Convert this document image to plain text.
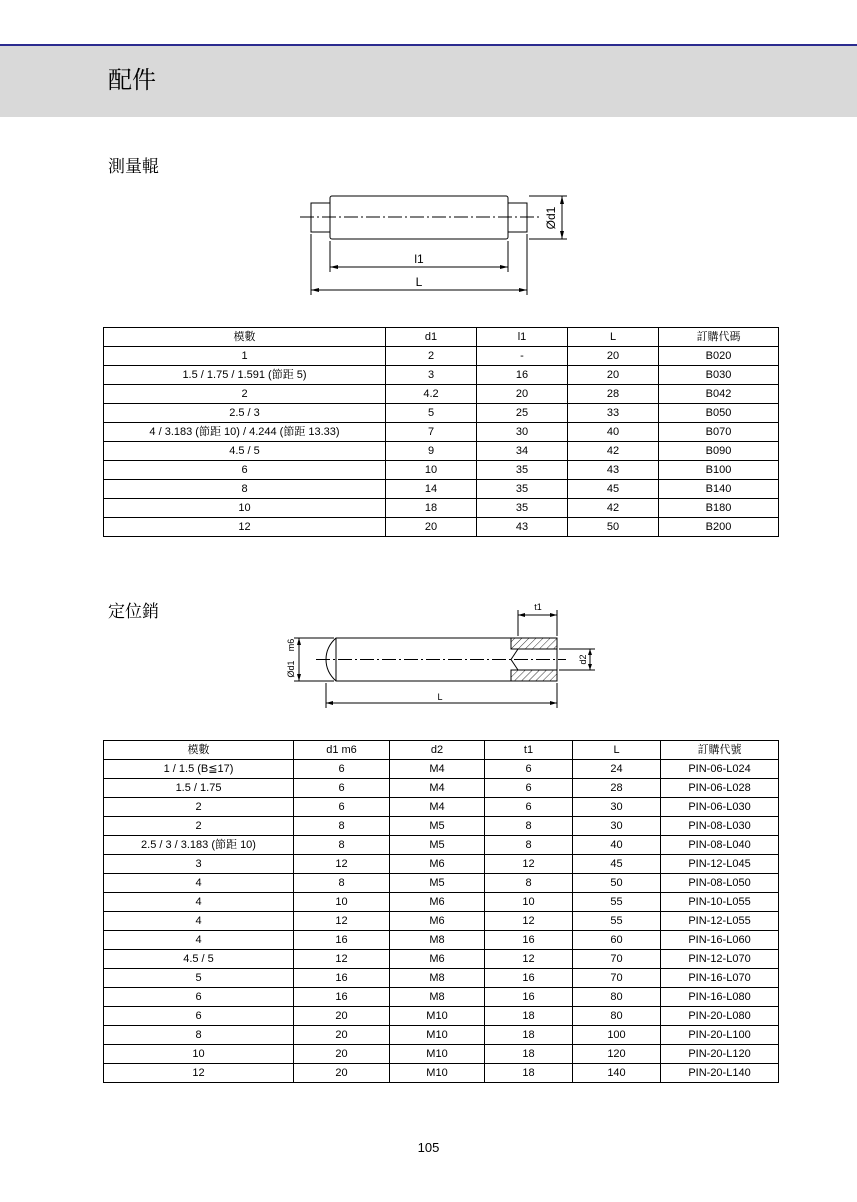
配件
測量輥
l1
L
Ød1
模數	d1	l1	L	訂購代碼
1	2	-	20	B020
1.5 / 1.75 / 1.591 (節距 5)	3	16	20	B030
2	4.2	20	28	B042
2.5 / 3	5	25	33	B050
4 / 3.183 (節距 10) / 4.244 (節距 13.33)	7	30	40	B070
4.5 / 5	9	34	42	B090
6	10	35	43	B100
8	14	35	45	B140
10	18	35	42	B180
12	20	43	50	B200
定位銷	t1
d2
Ød1
m6
L
模數	d1 m6	d2	t1	L	訂購代號
1 / 1.5 (B≦17)	6	M4	6	24	PIN-06-L024
1.5 / 1.75	6	M4	6	28	PIN-06-L028
2	6	M4	6	30	PIN-06-L030
2	8	M5	8	30	PIN-08-L030
2.5 / 3 / 3.183 (節距 10)	8	M5	8	40	PIN-08-L040
3	12	M6	12	45	PIN-12-L045
4	8	M5	8	50	PIN-08-L050
4	10	M6	10	55	PIN-10-L055
4	12	M6	12	55	PIN-12-L055
4	16	M8	16	60	PIN-16-L060
4.5 / 5	12	M6	12	70	PIN-12-L070
5	16	M8	16	70	PIN-16-L070
6	16	M8	16	80	PIN-16-L080
6	20	M10	18	80	PIN-20-L080
8	20	M10	18	100	PIN-20-L100
10	20	M10	18	120	PIN-20-L120
12	20	M10	18	140	PIN-20-L140
105
